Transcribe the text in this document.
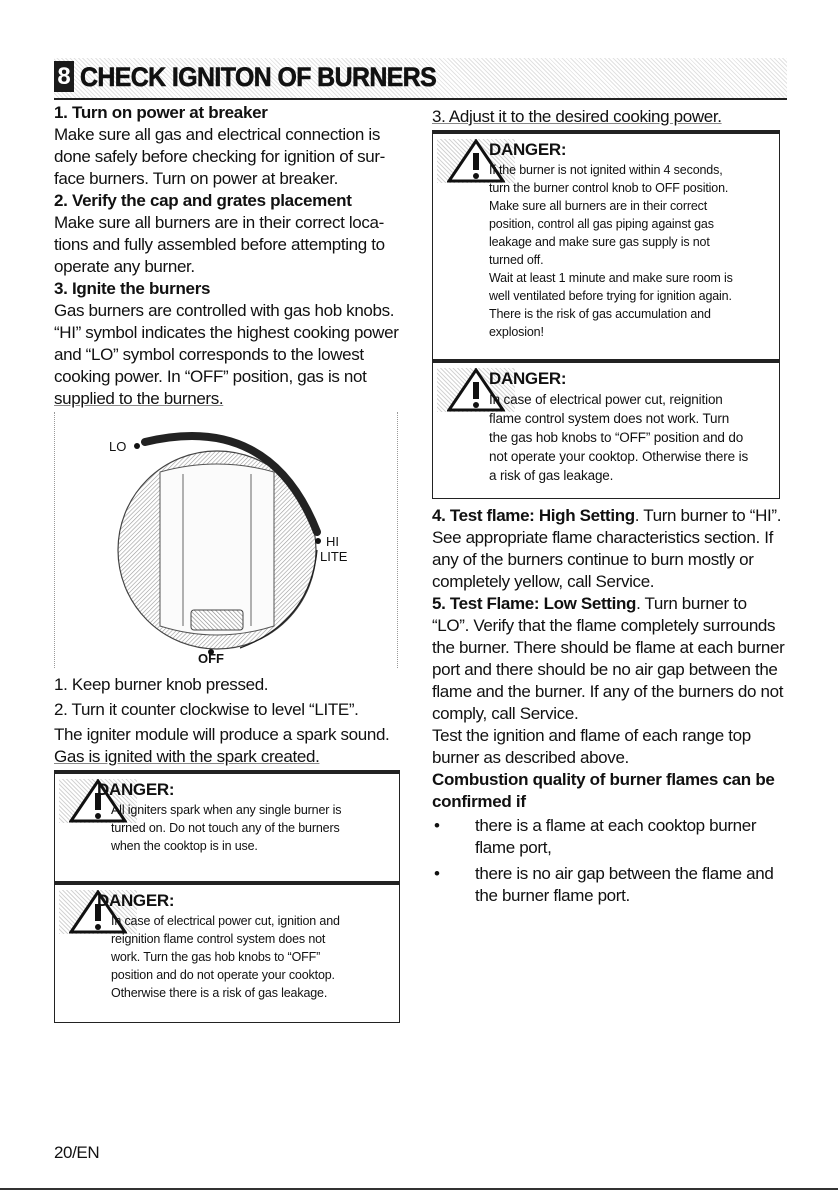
8 CHECK IGNITON OF BURNERS

1. Turn on power at breaker

Make sure all gas and electrical connection is

done safely before checking for ignition of sur-

face burners. Turn on power at breaker.

2. Verify the cap and grates placement

Make sure all burners are in their correct loca-

tions and fully assembled before attempting to

operate any burner.

3. Ignite the burners

Gas burners are controlled with gas hob knobs.

“HI” symbol indicates the highest cooking power

and “LO” symbol corresponds to the lowest

cooking power. In “OFF” position, gas is not

supplied to the burners.

LO
HI
LITE
OFF

1. Keep burner knob pressed.

2. Turn it counter clockwise to level “LITE”.

The igniter module will produce a spark sound.

Gas is ignited with the spark created.

DANGER:
All igniters spark when any single burner is
turned on. Do not touch any of the burners
when the cooktop is in use.
DANGER:
In case of electrical power cut, ignition and
reignition flame control system does not
work. Turn the gas hob knobs to “OFF”
position and do not operate your cooktop.
Otherwise there is a risk of gas leakage.

3. Adjust it to the desired cooking power.

DANGER:
If the burner is not ignited within 4 seconds,
turn the burner control knob to OFF position.
Make sure all burners are in their correct
position, control all gas piping against gas
leakage and make sure gas supply is not
turned off.
Wait at least 1 minute and make sure room is
well ventilated before trying for ignition again.
There is the risk of gas accumulation and
explosion!
DANGER:
In case of electrical power cut, reignition
flame control system does not work. Turn
the gas hob knobs to “OFF” position and do
not operate your cooktop. Otherwise there is
a risk of gas leakage.

4. Test flame: High Setting. Turn burner to “HI”.

See appropriate flame characteristics section. If

any of the burners continue to burn mostly or

completely yellow, call Service.

5. Test Flame: Low Setting. Turn burner to

“LO”. Verify that the flame completely surrounds

the burner. There should be flame at each burner

port and there should be no air gap between the

flame and the burner. If any of the burners do not

comply, call Service.

Test the ignition and flame of each range top

burner as described above.

Combustion quality of burner flames can be

confirmed if

• there is a flame at each cooktop burner
flame port,
• there is no air gap between the flame and
the burner flame port.
20/EN
